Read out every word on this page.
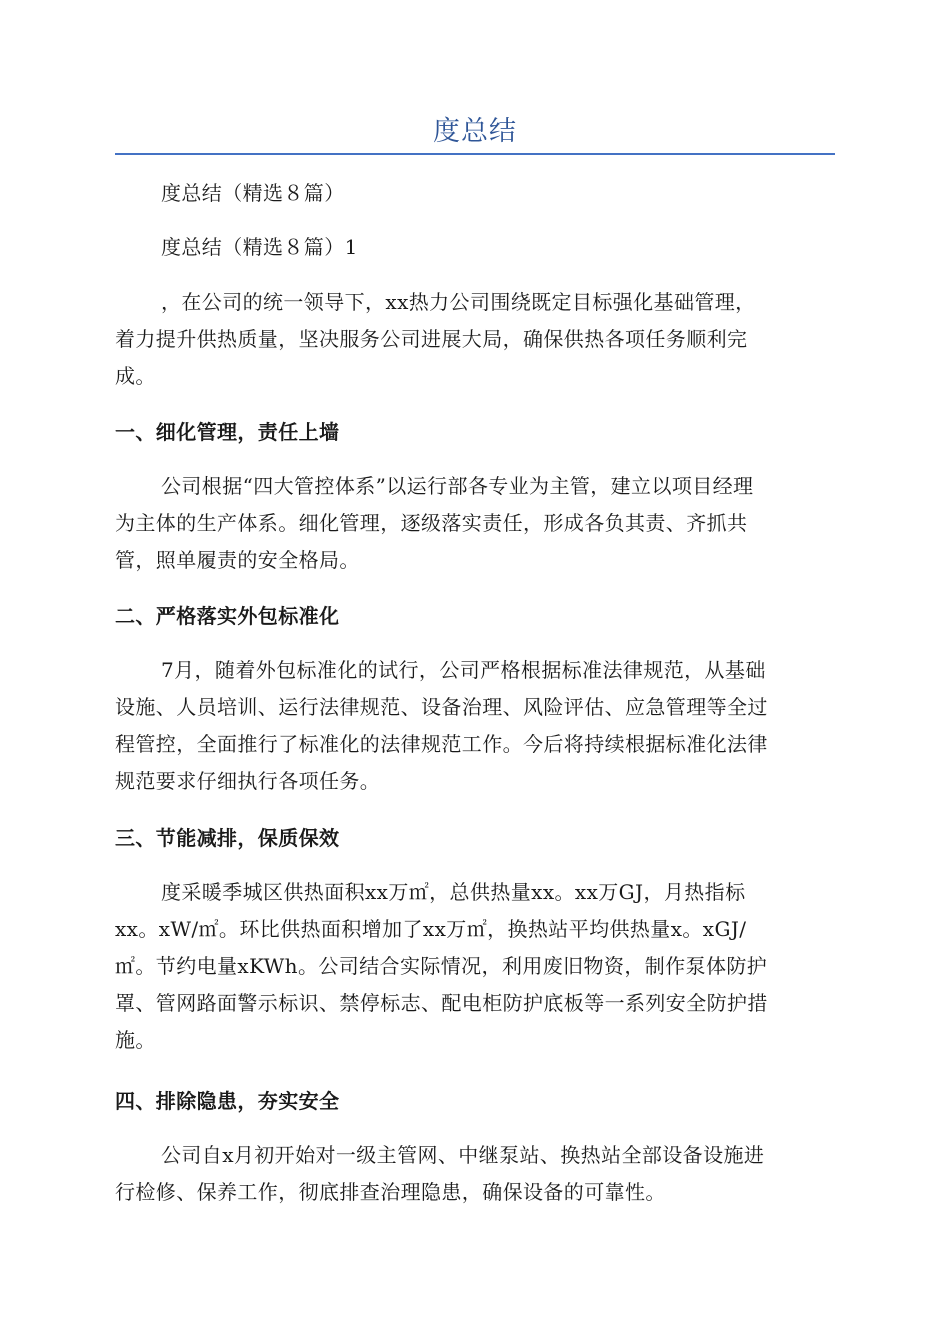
度总结
度总结（精选８篇）
度总结（精选８篇）1
，在公司的统一领导下，xx热力公司围绕既定目标强化基础管理，
着力提升供热质量，坚决服务公司进展大局，确保供热各项任务顺利完
成。
一、细化管理，责任上墙
公司根据“四大管控体系”以运行部各专业为主管，建立以项目经理
为主体的生产体系。细化管理，逐级落实责任，形成各负其责、齐抓共
管，照单履责的安全格局。
二、严格落实外包标准化
7月，随着外包标准化的试行，公司严格根据标准法律规范，从基础
设施、人员培训、运行法律规范、设备治理、风险评估、应急管理等全过
程管控，全面推行了标准化的法律规范工作。今后将持续根据标准化法律
规范要求仔细执行各项任务。
三、节能减排，保质保效
度采暖季城区供热面积xx万㎡，总供热量xx。xx万GJ，月热指标
xx。xW/㎡。环比供热面积增加了xx万㎡，换热站平均供热量x。xGJ/
㎡。节约电量xKWh。公司结合实际情况，利用废旧物资，制作泵体防护
罩、管网路面警示标识、禁停标志、配电柜防护底板等一系列安全防护措
施。
四、排除隐患，夯实安全
公司自x月初开始对一级主管网、中继泵站、换热站全部设备设施进
行检修、保养工作，彻底排查治理隐患，确保设备的可靠性。
